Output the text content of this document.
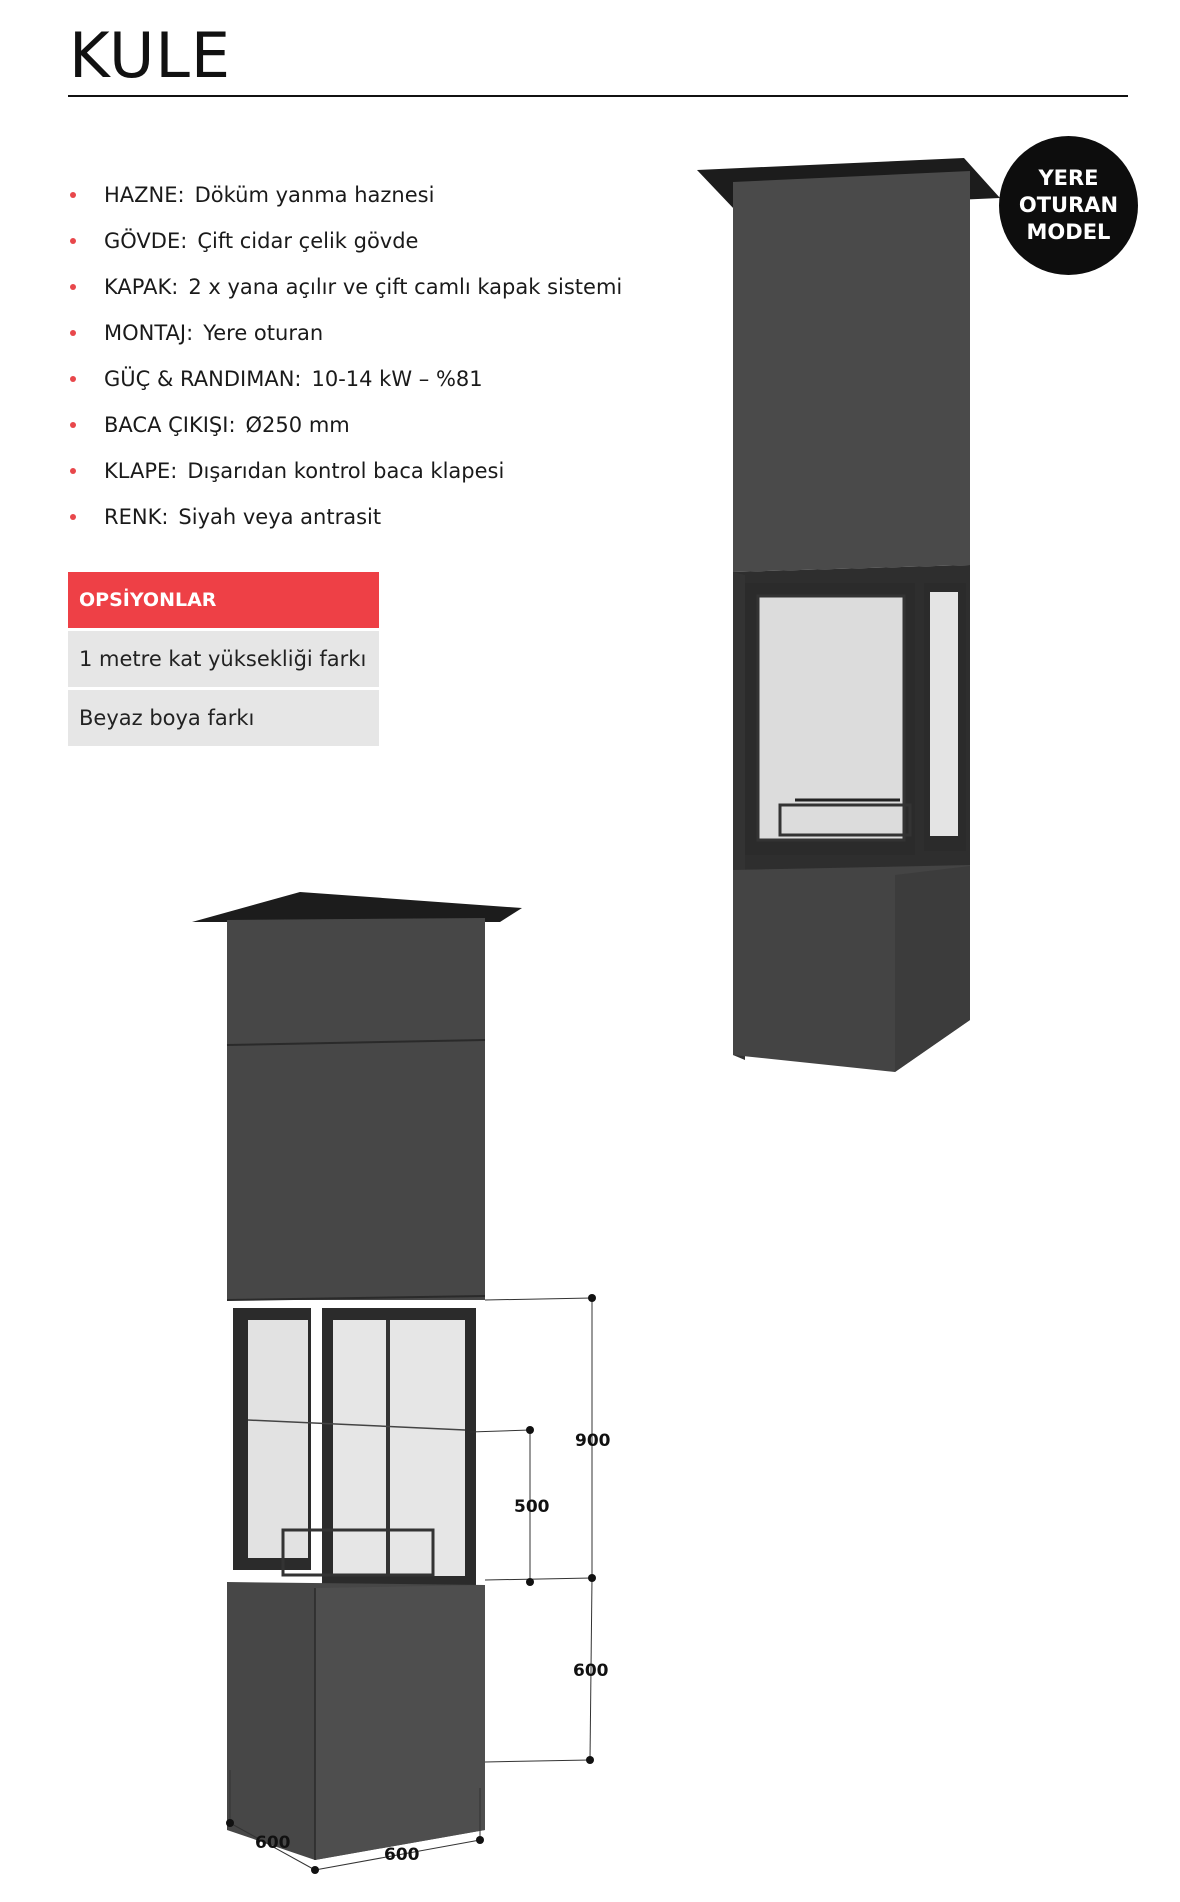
KULE
HAZNE: Döküm yanma haznesi
GÖVDE: Çift cidar çelik gövde
KAPAK: 2 x yana açılır ve çift camlı kapak sistemi
MONTAJ: Yere oturan
GÜÇ & RANDIMAN: 10-14 kW – %81
BACA ÇIKIŞI: Ø250 mm
KLAPE: Dışarıdan kontrol baca klapesi
RENK: Siyah veya antrasit
OPSİYONLAR
1 metre kat yüksekliği farkı
Beyaz boya farkı
900
500
600
600
600
YERE
OTURAN
MODEL
